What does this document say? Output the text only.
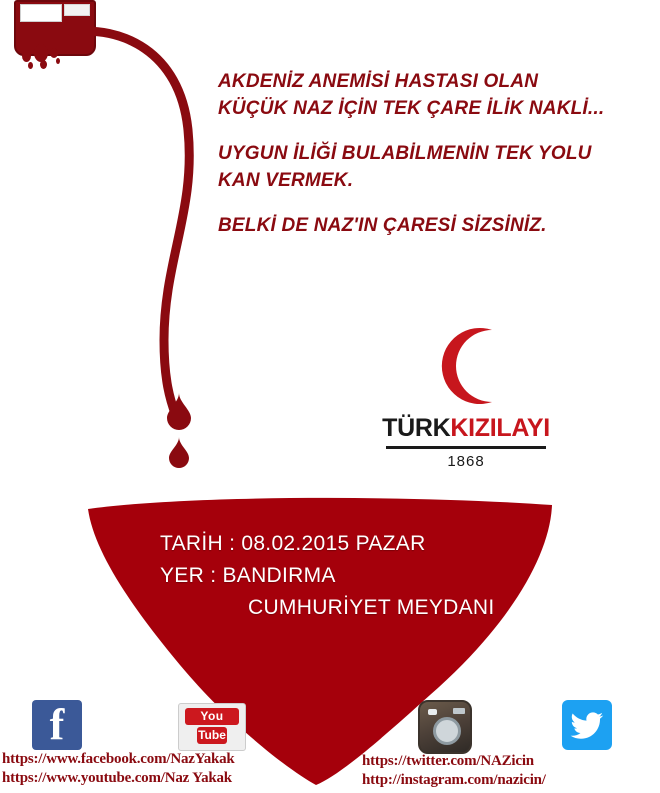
AKDENİZ ANEMİSİ HASTASI OLAN
KÜÇÜK NAZ İÇİN TEK ÇARE İLİK NAKLİ...
UYGUN İLİĞİ BULABİLMENİN TEK YOLU
KAN VERMEK.
BELKİ DE NAZ'IN ÇARESİ SİZSİNİZ.
TÜRKKIZILAYI
1868
TARİH : 08.02.2015 PAZAR
YER : BANDIRMA
CUMHURİYET MEYDANI
f	You
Tube
https://www.facebook.com/NazYakak
https://www.youtube.com/Naz Yakak
https://twitter.com/NAZicin
http://instagram.com/nazicin/
